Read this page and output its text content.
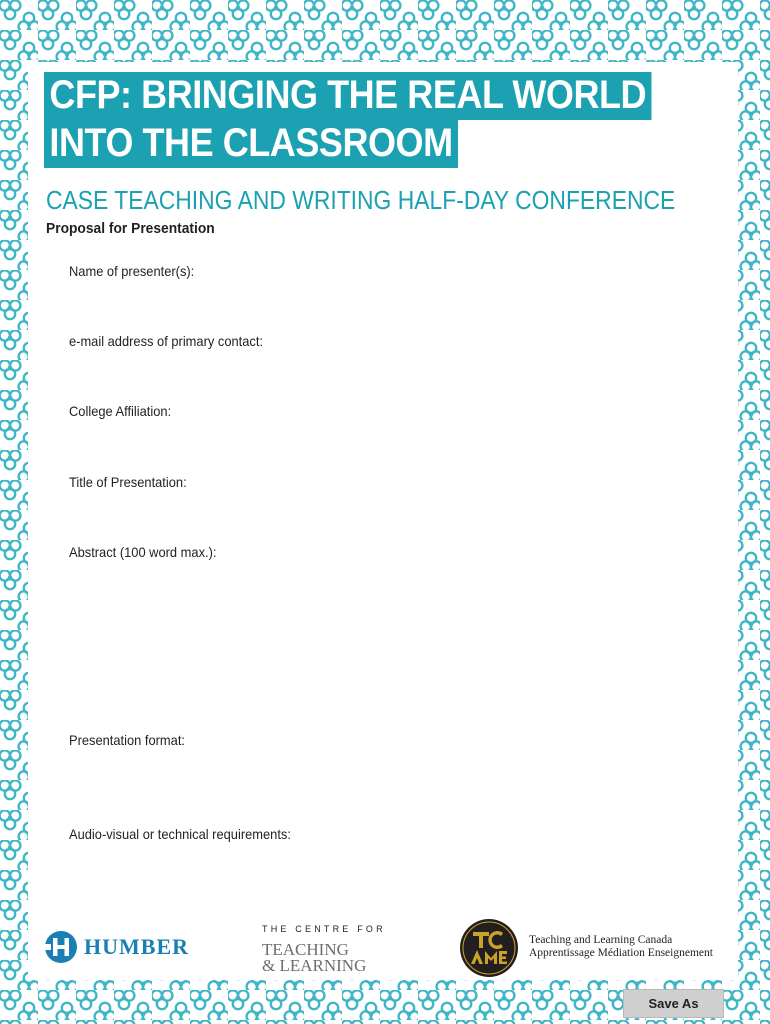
CFP: BRINGING THE REAL WORLD
INTO THE CLASSROOM
CASE TEACHING AND WRITING HALF-DAY CONFERENCE
Proposal for Presentation
Name of presenter(s):
e-mail address of primary contact:
College Affiliation:
Title of Presentation:
Abstract (100 word max.):
Presentation format:
Audio-visual or technical requirements:
HUMBER
THE CENTRE FOR
TEACHING
& LEARNING
Teaching and Learning Canada
Apprentissage Médiation Enseignement
Save As
